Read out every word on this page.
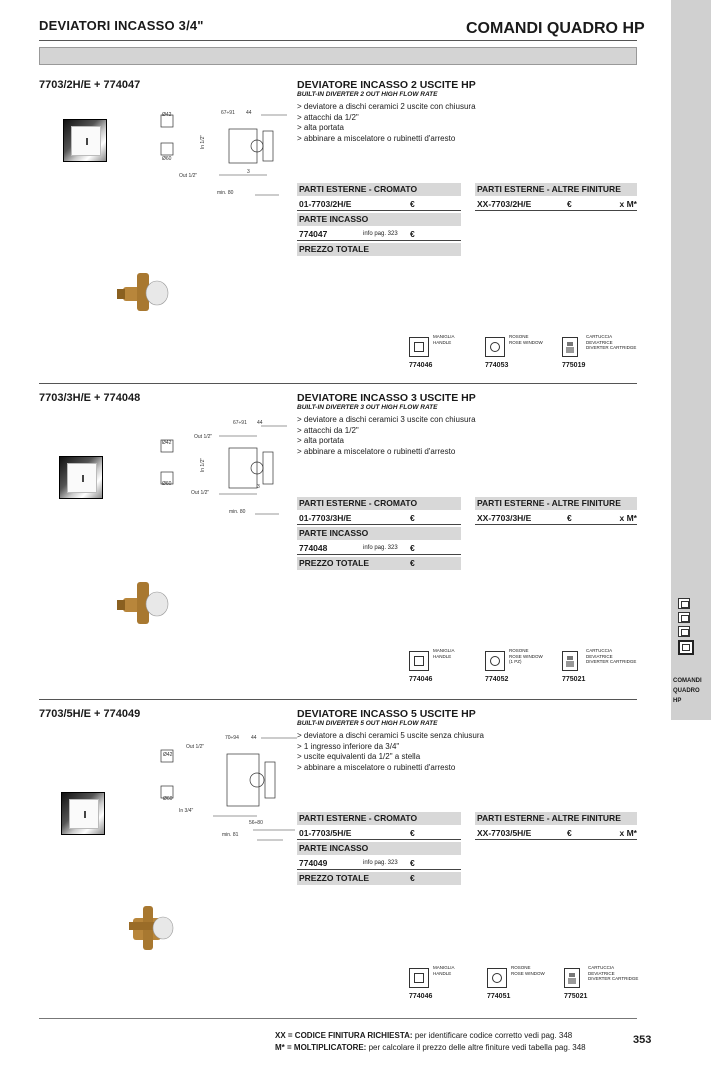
DEVIATORI INCASSO 3/4"	COMANDI QUADRO HP
COMANDI
QUADRO
HP
7703/2H/E + 774047	DEVIATORE INCASSO 2 USCITE HP
BUILT-IN DIVERTER 2 OUT HIGH FLOW RATE
> deviatore a dischi ceramici 2 uscite con chiusura
> attacchi da 1/2"
> alta portata
> abbinare a miscelatore o rubinetti d'arresto
Ø42
Ø60
67÷91 44
In 1/2"
Out 1/2"
3
min. 80	PARTI ESTERNE - CROMATO
01-7703/2H/E	€
PARTE INCASSO
774047	info pag. 323 €
PREZZO TOTALE
PARTI ESTERNE - ALTRE FINITURE
XX-7703/2H/E	€	x M*
MANIGLIA
HANDLE
774046
ROSONE
ROSE WINDOW
774053
CARTUCCIA
DEVIATRICE
DIVERTER CARTRIDGE
775019
7703/3H/E + 774048	DEVIATORE INCASSO 3 USCITE HP
BUILT-IN DIVERTER 3 OUT HIGH FLOW RATE
> deviatore a dischi ceramici 3 uscite con chiusura
> attacchi da 1/2"
> alta portata
> abbinare a miscelatore o rubinetti d'arresto
Ø42
Ø60
67÷91 44
In 1/2"
Out 1/2"
3
min. 80
Out 1/2"
PARTI ESTERNE - CROMATO
01-7703/3H/E	€
PARTE INCASSO
774048	info pag. 323 €
PREZZO TOTALE	€
PARTI ESTERNE - ALTRE FINITURE
XX-7703/3H/E	€	x M*
MANIGLIA
HANDLE
774046
ROSONE
ROSE WINDOW
(1 PZ)
774052
CARTUCCIA
DEVIATRICE
DIVERTER CARTRIDGE
775021
7703/5H/E + 774049	DEVIATORE INCASSO 5 USCITE HP
BUILT-IN DIVERTER 5 OUT HIGH FLOW RATE
> deviatore a dischi ceramici 5 uscite senza chiusura
> 1 ingresso inferiore da 3/4"
> uscite equivalenti da 1/2" a stella
> abbinare a miscelatore o rubinetti d'arresto
Ø42
Ø60
70÷94 44
Out 1/2"
In 3/4"
56÷80
min. 81
PARTI ESTERNE - CROMATO
01-7703/5H/E	€
PARTE INCASSO
774049	info pag. 323 €
PREZZO TOTALE	€
PARTI ESTERNE - ALTRE FINITURE
XX-7703/5H/E	€	x M*
MANIGLIA
HANDLE
774046
ROSONE
ROSE WINDOW
774051
CARTUCCIA
DEVIATRICE
DIVERTER CARTRIDGE
775021
XX = CODICE FINITURA RICHIESTA: per identificare codice corretto vedi pag. 348
M* = MOLTIPLICATORE: per calcolare il prezzo delle altre finiture vedi tabella pag. 348
353
